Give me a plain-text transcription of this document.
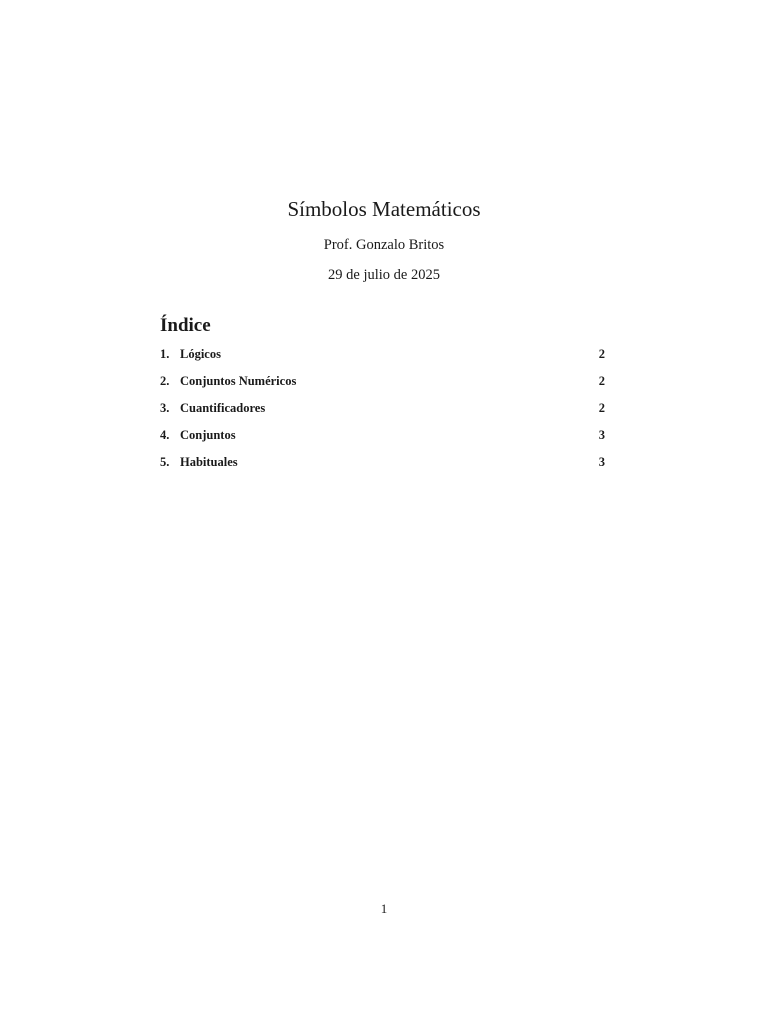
Símbolos Matemáticos
Prof. Gonzalo Britos
29 de julio de 2025
Índice
1. Lógicos	2
2. Conjuntos Numéricos	2
3. Cuantificadores	2
4. Conjuntos	3
5. Habituales	3
1
